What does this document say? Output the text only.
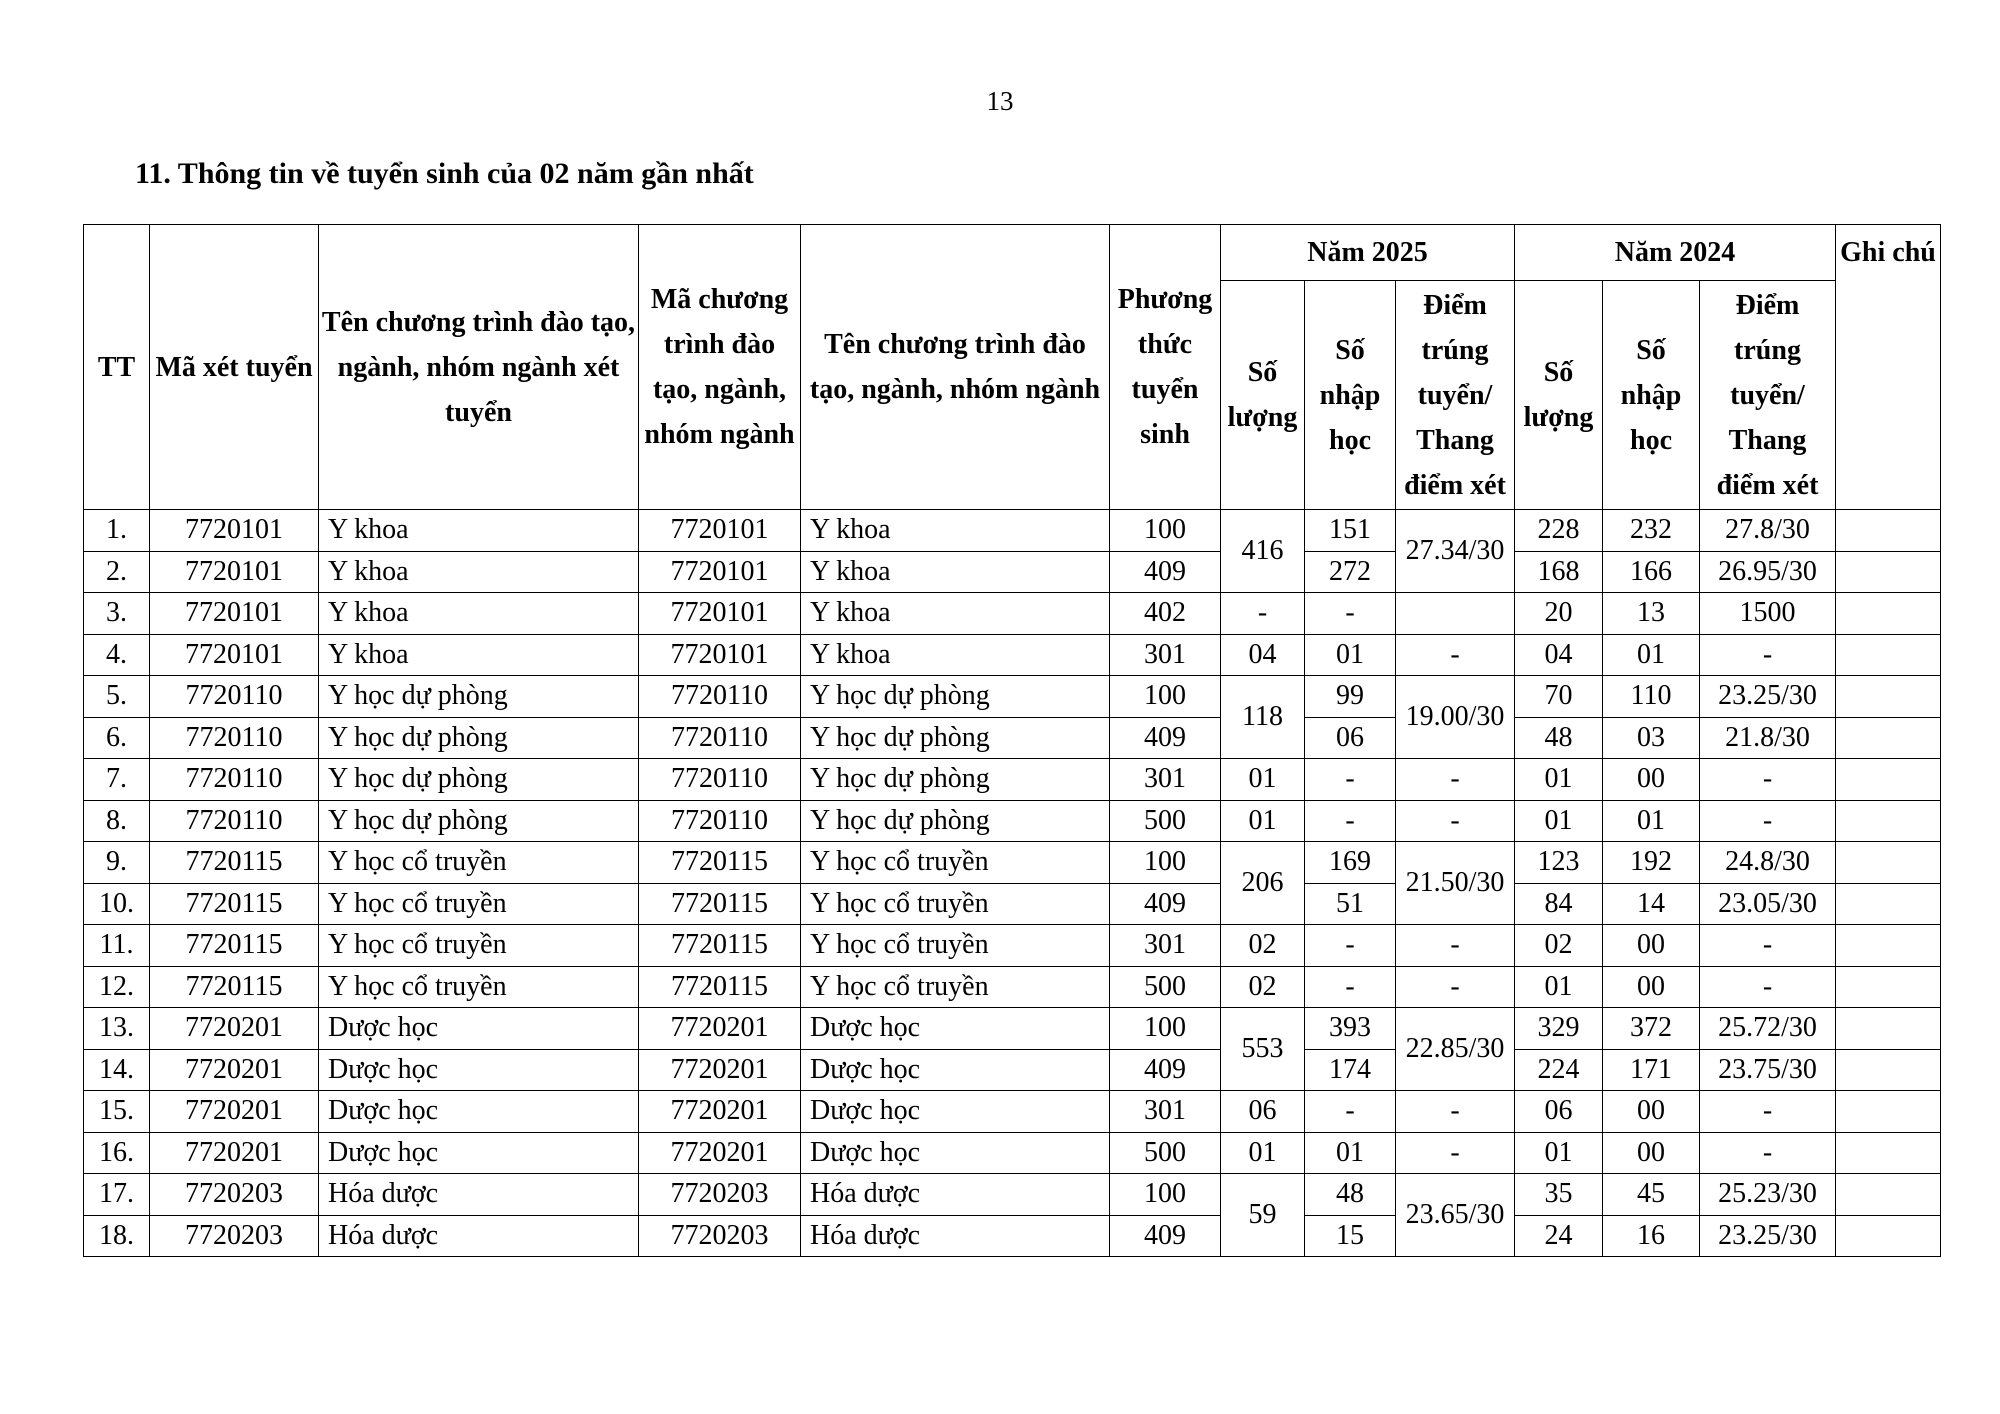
13
11. Thông tin về tuyển sinh của 02 năm gần nhất
TT	Mã xét tuyển	Tên chương trình đào tạo, ngành, nhóm ngành xét tuyển	Mã chương trình đào tạo, ngành, nhóm ngành	Tên chương trình đào tạo, ngành, nhóm ngành	Phương thức tuyển sinh	Năm 2025			Năm 2024			Ghi chú
						Số lượng	Số nhập học	Điểm trúng tuyển/ Thang điểm xét	Số lượng	Số nhập học	Điểm trúng tuyển/ Thang điểm xét	
1.	7720101	Y khoa	7720101	Y khoa	100	416	151	27.34/30	228	232	27.8/30	
2.	7720101	Y khoa	7720101	Y khoa	409		272		168	166	26.95/30	
3.	7720101	Y khoa	7720101	Y khoa	402	-	-		20	13	1500	
4.	7720101	Y khoa	7720101	Y khoa	301	04	01	-	04	01	-	
5.	7720110	Y học dự phòng	7720110	Y học dự phòng	100	118	99	19.00/30	70	110	23.25/30	
6.	7720110	Y học dự phòng	7720110	Y học dự phòng	409		06		48	03	21.8/30	
7.	7720110	Y học dự phòng	7720110	Y học dự phòng	301	01	-	-	01	00	-	
8.	7720110	Y học dự phòng	7720110	Y học dự phòng	500	01	-	-	01	01	-	
9.	7720115	Y học cổ truyền	7720115	Y học cổ truyền	100	206	169	21.50/30	123	192	24.8/30	
10.	7720115	Y học cổ truyền	7720115	Y học cổ truyền	409		51		84	14	23.05/30	
11.	7720115	Y học cổ truyền	7720115	Y học cổ truyền	301	02	-	-	02	00	-	
12.	7720115	Y học cổ truyền	7720115	Y học cổ truyền	500	02	-	-	01	00	-	
13.	7720201	Dược học	7720201	Dược học	100	553	393	22.85/30	329	372	25.72/30	
14.	7720201	Dược học	7720201	Dược học	409		174		224	171	23.75/30	
15.	7720201	Dược học	7720201	Dược học	301	06	-	-	06	00	-	
16.	7720201	Dược học	7720201	Dược học	500	01	01	-	01	00	-	
17.	7720203	Hóa dược	7720203	Hóa dược	100	59	48	23.65/30	35	45	25.23/30	
18.	7720203	Hóa dược	7720203	Hóa dược	409		15		24	16	23.25/30	
